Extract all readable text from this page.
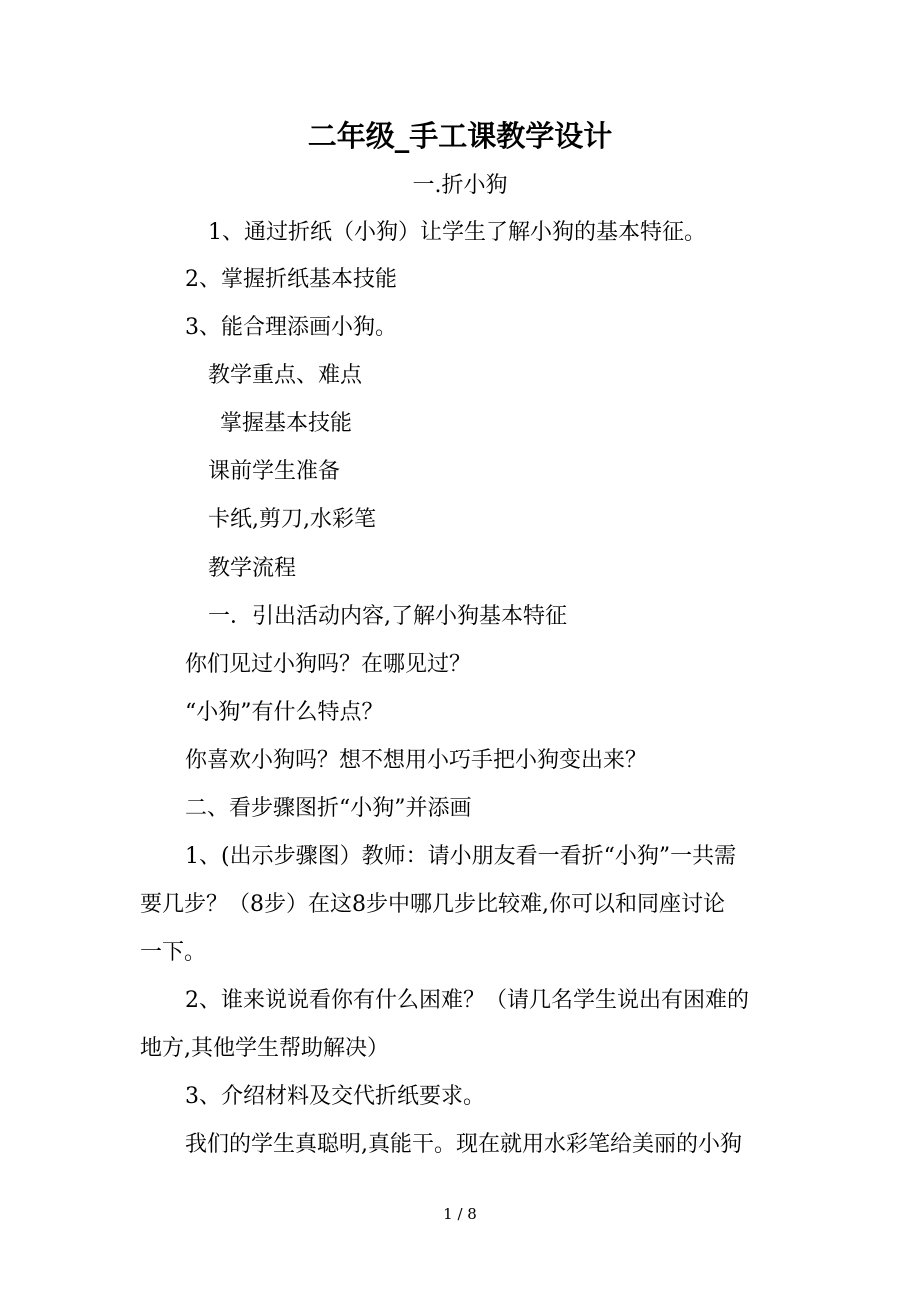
二年级_手工课教学设计

一.折小狗

1、通过折纸（小狗）让学生了解小狗的基本特征。

2、掌握折纸基本技能

3、能合理添画小狗。

教学重点、难点

掌握基本技能

课前学生准备

卡纸,剪刀,水彩笔

教学流程

一．引出活动内容,了解小狗基本特征

你们见过小狗吗？在哪见过？

“小狗”有什么特点？

你喜欢小狗吗？想不想用小巧手把小狗变出来？

二、看步骤图折“小狗”并添画

1、(出示步骤图）教师：请小朋友看一看折“小狗”一共需

要几步？（8步）在这8步中哪几步比较难,你可以和同座讨论

一下。

2、谁来说说看你有什么困难？（请几名学生说出有困难的

地方,其他学生帮助解决）

3、介绍材料及交代折纸要求。

我们的学生真聪明,真能干。现在就用水彩笔给美丽的小狗

1 / 8
